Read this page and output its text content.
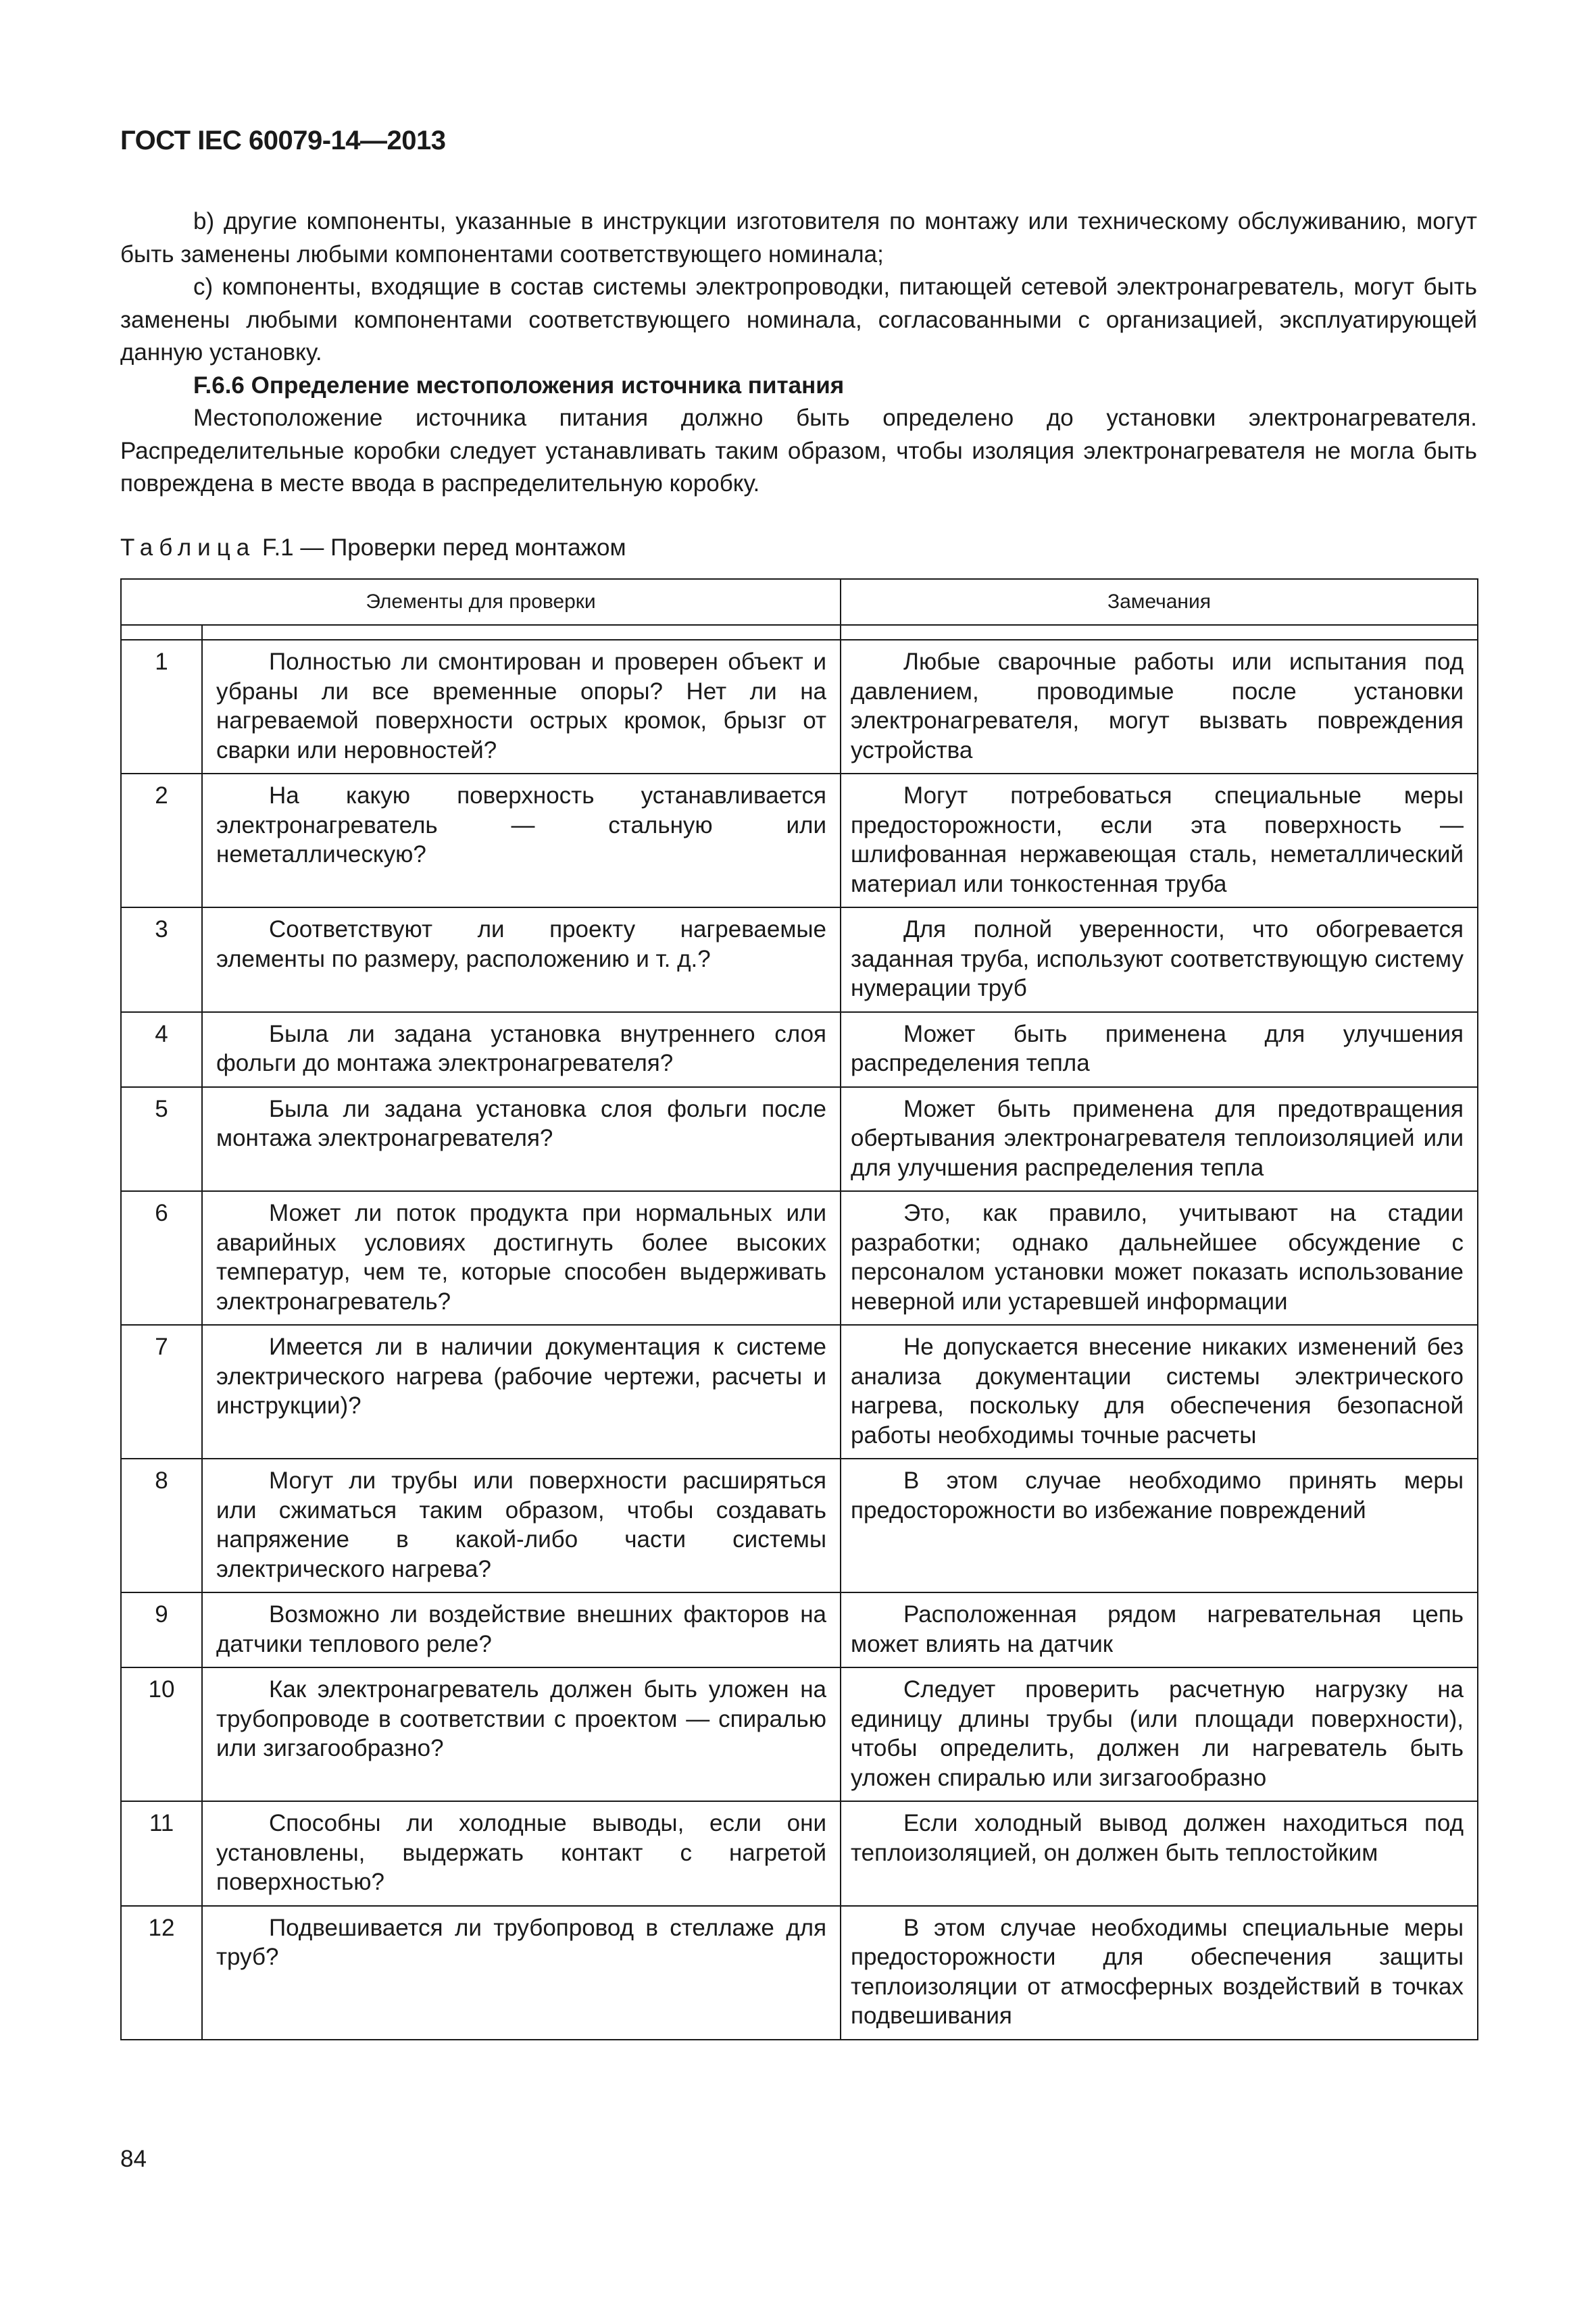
ГОСТ IEC 60079-14—2013

b) другие компоненты, указанные в инструкции изготовителя по монтажу или техническому обслуживанию, могут быть заменены любыми компонентами соответствующего номинала;

c) компоненты, входящие в состав системы электропроводки, питающей сетевой электронагреватель, могут быть заменены любыми компонентами соответствующего номинала, согласованными с организацией, эксплуатирующей данную установку.

F.6.6 Определение местоположения источника питания

Местоположение источника питания должно быть определено до установки электронагревателя. Распределительные коробки следует устанавливать таким образом, чтобы изоляция электронагревателя не могла быть повреждена в месте ввода в распределительную коробку.

Таблица F.1 — Проверки перед монтажом
Элементы для проверки		Замечания

1	Полностью ли смонтирован и проверен объект и убраны ли все временные опоры? Нет ли на нагреваемой поверхности острых кромок, брызг от сварки или неровностей?	Любые сварочные работы или испытания под давлением, проводимые после установки электронагревателя, могут вызвать повреждения устройства
2	На какую поверхность устанавливается электронагреватель — стальную или неметаллическую?	Могут потребоваться специальные меры предосторожности, если эта поверхность — шлифованная нержавеющая сталь, неметаллический материал или тонкостенная труба
3	Соответствуют ли проекту нагреваемые элементы по размеру, расположению и т. д.?	Для полной уверенности, что обогревается заданная труба, используют соответствующую систему нумерации труб
4	Была ли задана установка внутреннего слоя фольги до монтажа электронагревателя?	Может быть применена для улучшения распределения тепла
5	Была ли задана установка слоя фольги после монтажа электронагревателя?	Может быть применена для предотвращения обертывания электронагревателя теплоизоляцией или для улучшения распределения тепла
6	Может ли поток продукта при нормальных или аварийных условиях достигнуть более высоких температур, чем те, которые способен выдерживать электронагреватель?	Это, как правило, учитывают на стадии разработки; однако дальнейшее обсуждение с персоналом установки может показать использование неверной или устаревшей информации
7	Имеется ли в наличии документация к системе электрического нагрева (рабочие чертежи, расчеты и инструкции)?	Не допускается внесение никаких изменений без анализа документации системы электрического нагрева, поскольку для обеспечения безопасной работы необходимы точные расчеты
8	Могут ли трубы или поверхности расширяться или сжиматься таким образом, чтобы создавать напряжение в какой-либо части системы электрического нагрева?	В этом случае необходимо принять меры предосторожности во избежание повреждений
9	Возможно ли воздействие внешних факторов на датчики теплового реле?	Расположенная рядом нагревательная цепь может влиять на датчик
10	Как электронагреватель должен быть уложен на трубопроводе в соответствии с проектом — спиралью или зигзагообразно?	Следует проверить расчетную нагрузку на единицу длины трубы (или площади поверхности), чтобы определить, должен ли нагреватель быть уложен спиралью или зигзагообразно
11	Способны ли холодные выводы, если они установлены, выдержать контакт с нагретой поверхностью?	Если холодный вывод должен находиться под теплоизоляцией, он должен быть теплостойким
12	Подвешивается ли трубопровод в стеллаже для труб?	В этом случае необходимы специальные меры предосторожности для обеспечения защиты теплоизоляции от атмосферных воздействий в точках подвешивания
84
